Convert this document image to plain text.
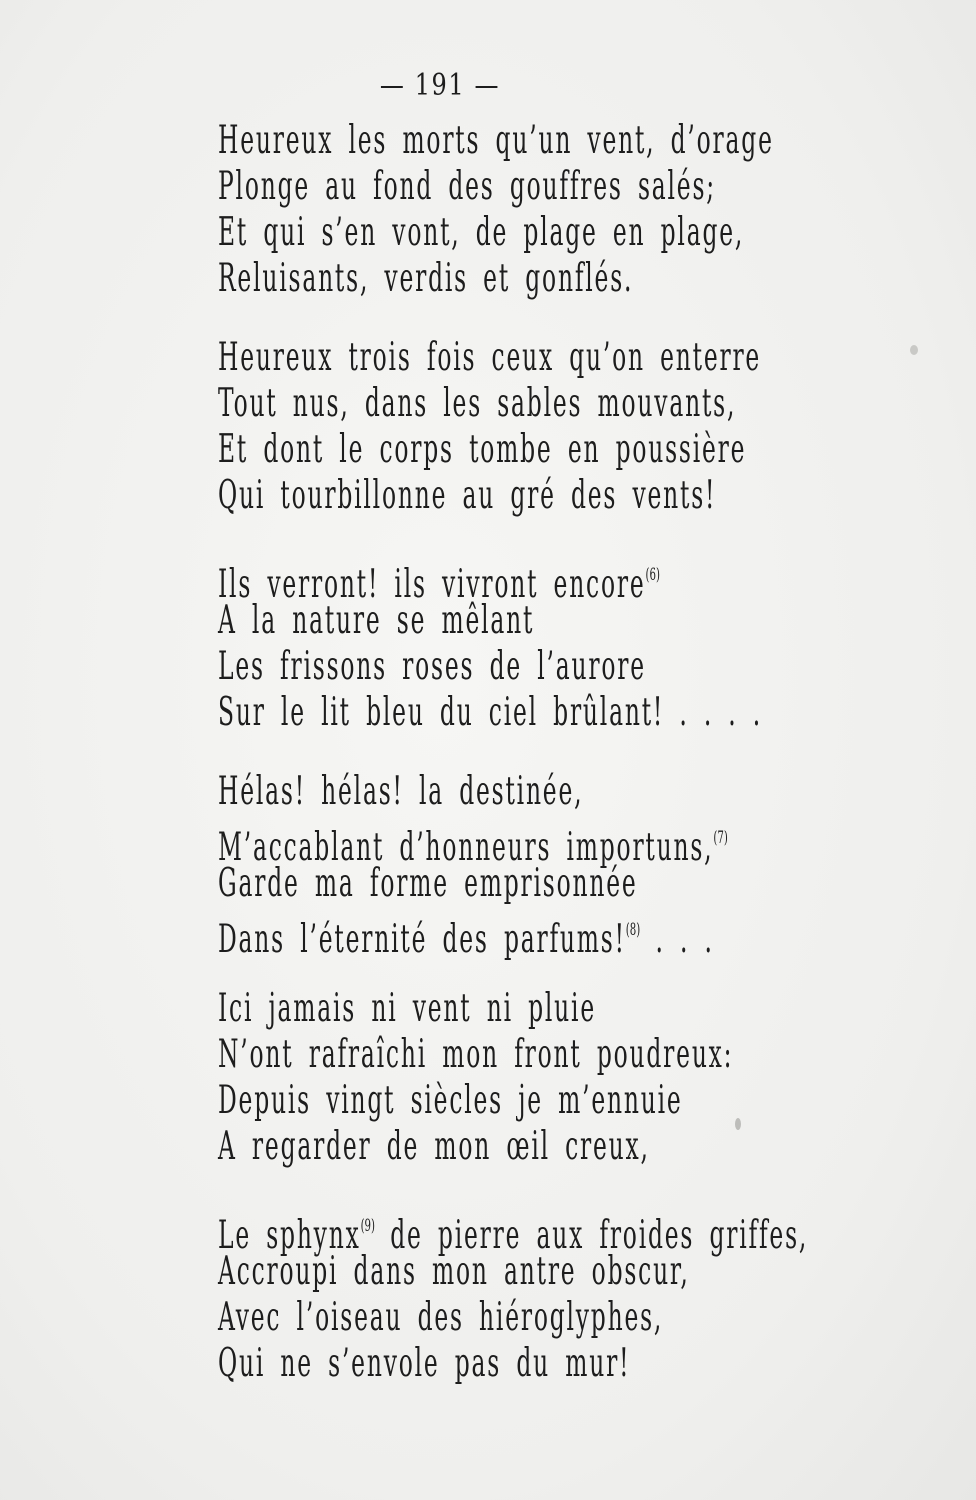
— 191 —
Heureux les morts qu’un vent, d’orage
Plonge au fond des gouffres salés;
Et qui s’en vont, de plage en plage,
Reluisants, verdis et gonflés.
Heureux trois fois ceux qu’on enterre
Tout nus, dans les sables mouvants,
Et dont le corps tombe en poussière
Qui tourbillonne au gré des vents!
Ils verront! ils vivront encore$^{(6)}$
A la nature se mêlant
Les frissons roses de l’aurore
Sur le lit bleu du ciel brûlant! . . . .
Hélas! hélas! la destinée,
M’accablant d’honneurs importuns,$^{(7)}$
Garde ma forme emprisonnée
Dans l’éternité des parfums!$^{(8)}$ . . .
Ici jamais ni vent ni pluie
N’ont rafraîchi mon front poudreux:
Depuis vingt siècles je m’ennuie
A regarder de mon œil creux,
Le sphynx$^{(9)}$ de pierre aux froides griffes,
Accroupi dans mon antre obscur,
Avec l’oiseau des hiéroglyphes,
Qui ne s’envole pas du mur!
